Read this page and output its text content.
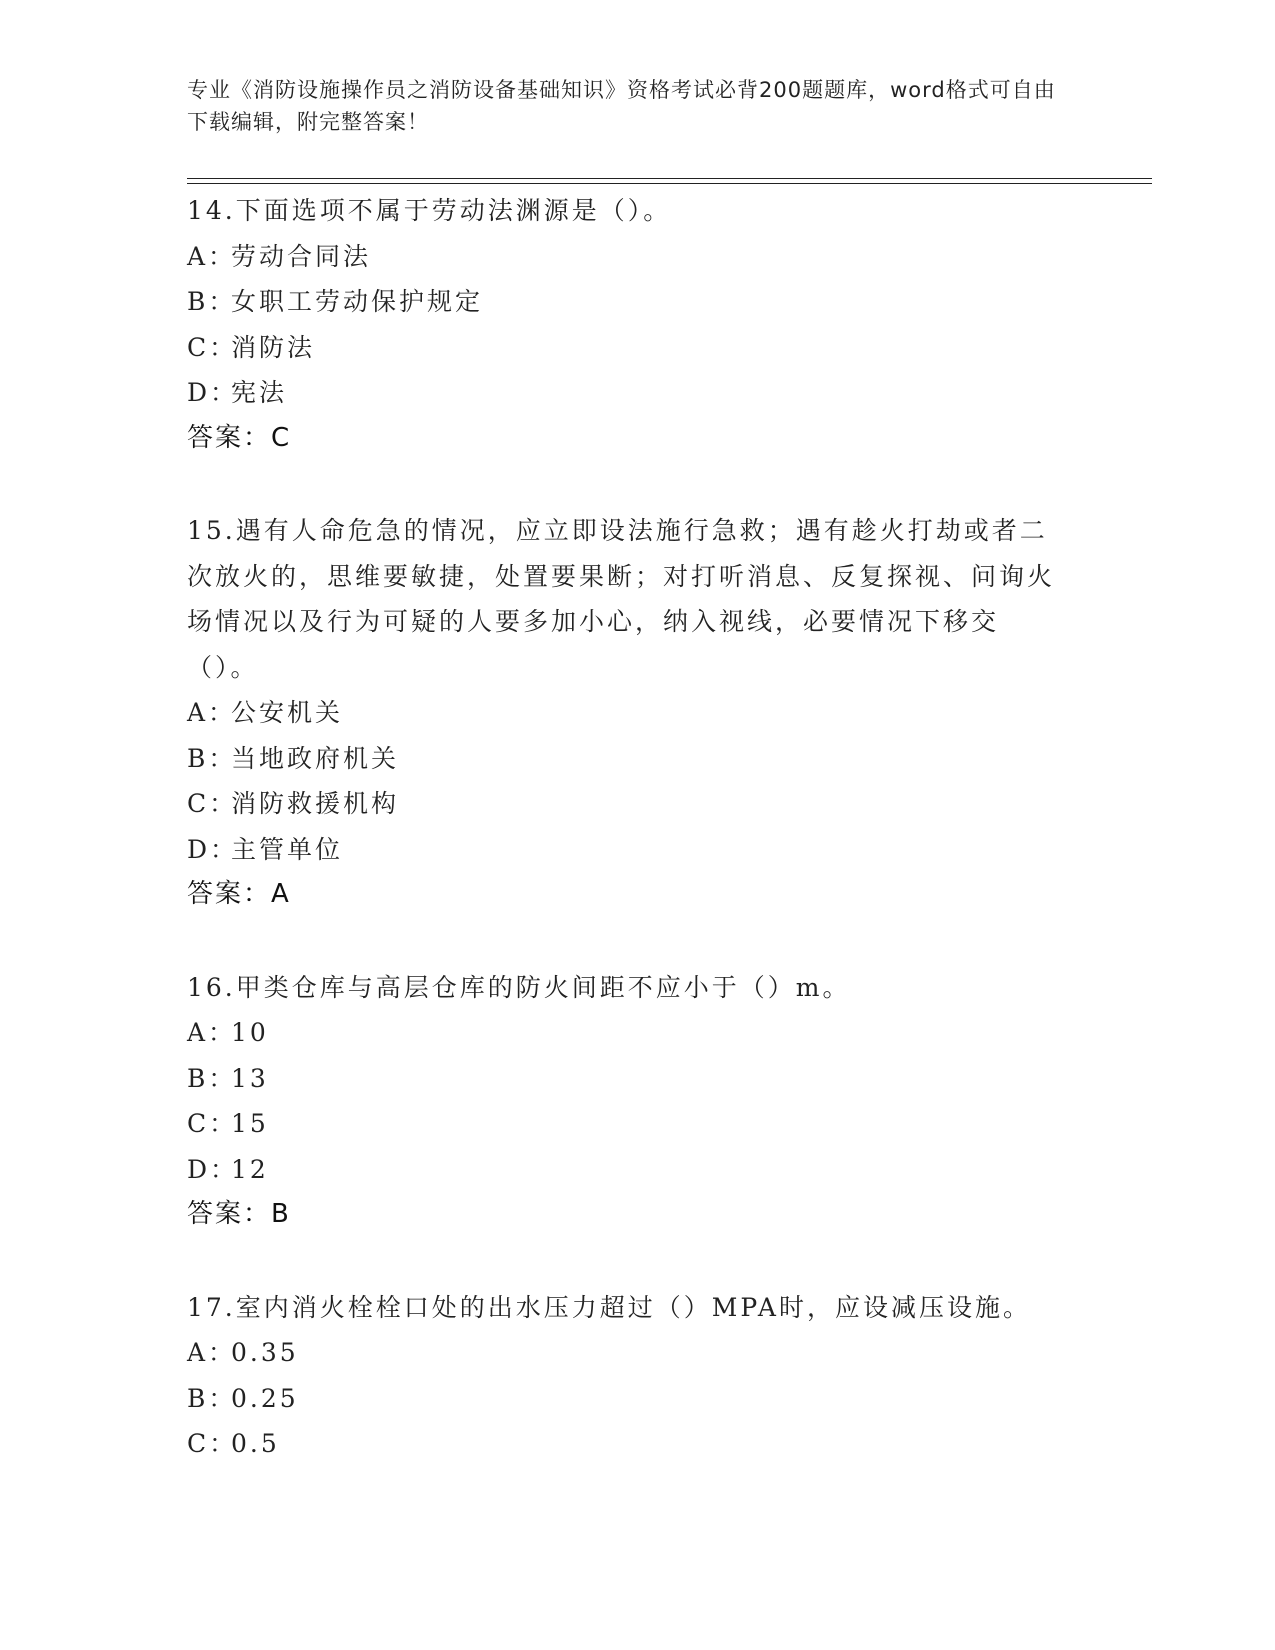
专业《消防设施操作员之消防设备基础知识》资格考试必背200题题库，word格式可自由下载编辑，附完整答案！

14.下面选项不属于劳动法渊源是（）。

A：劳动合同法

B：女职工劳动保护规定

C：消防法

D：宪法

答案：C

15.遇有人命危急的情况，应立即设法施行急救；遇有趁火打劫或者二次放火的，思维要敏捷，处置要果断；对打听消息、反复探视、问询火场情况以及行为可疑的人要多加小心，纳入视线，必要情况下移交（）。

A：公安机关

B：当地政府机关

C：消防救援机构

D：主管单位

答案：A

16.甲类仓库与高层仓库的防火间距不应小于（）m。

A：10

B：13

C：15

D：12

答案：B

17.室内消火栓栓口处的出水压力超过（）MPA时，应设减压设施。

A：0.35

B：0.25

C：0.5
